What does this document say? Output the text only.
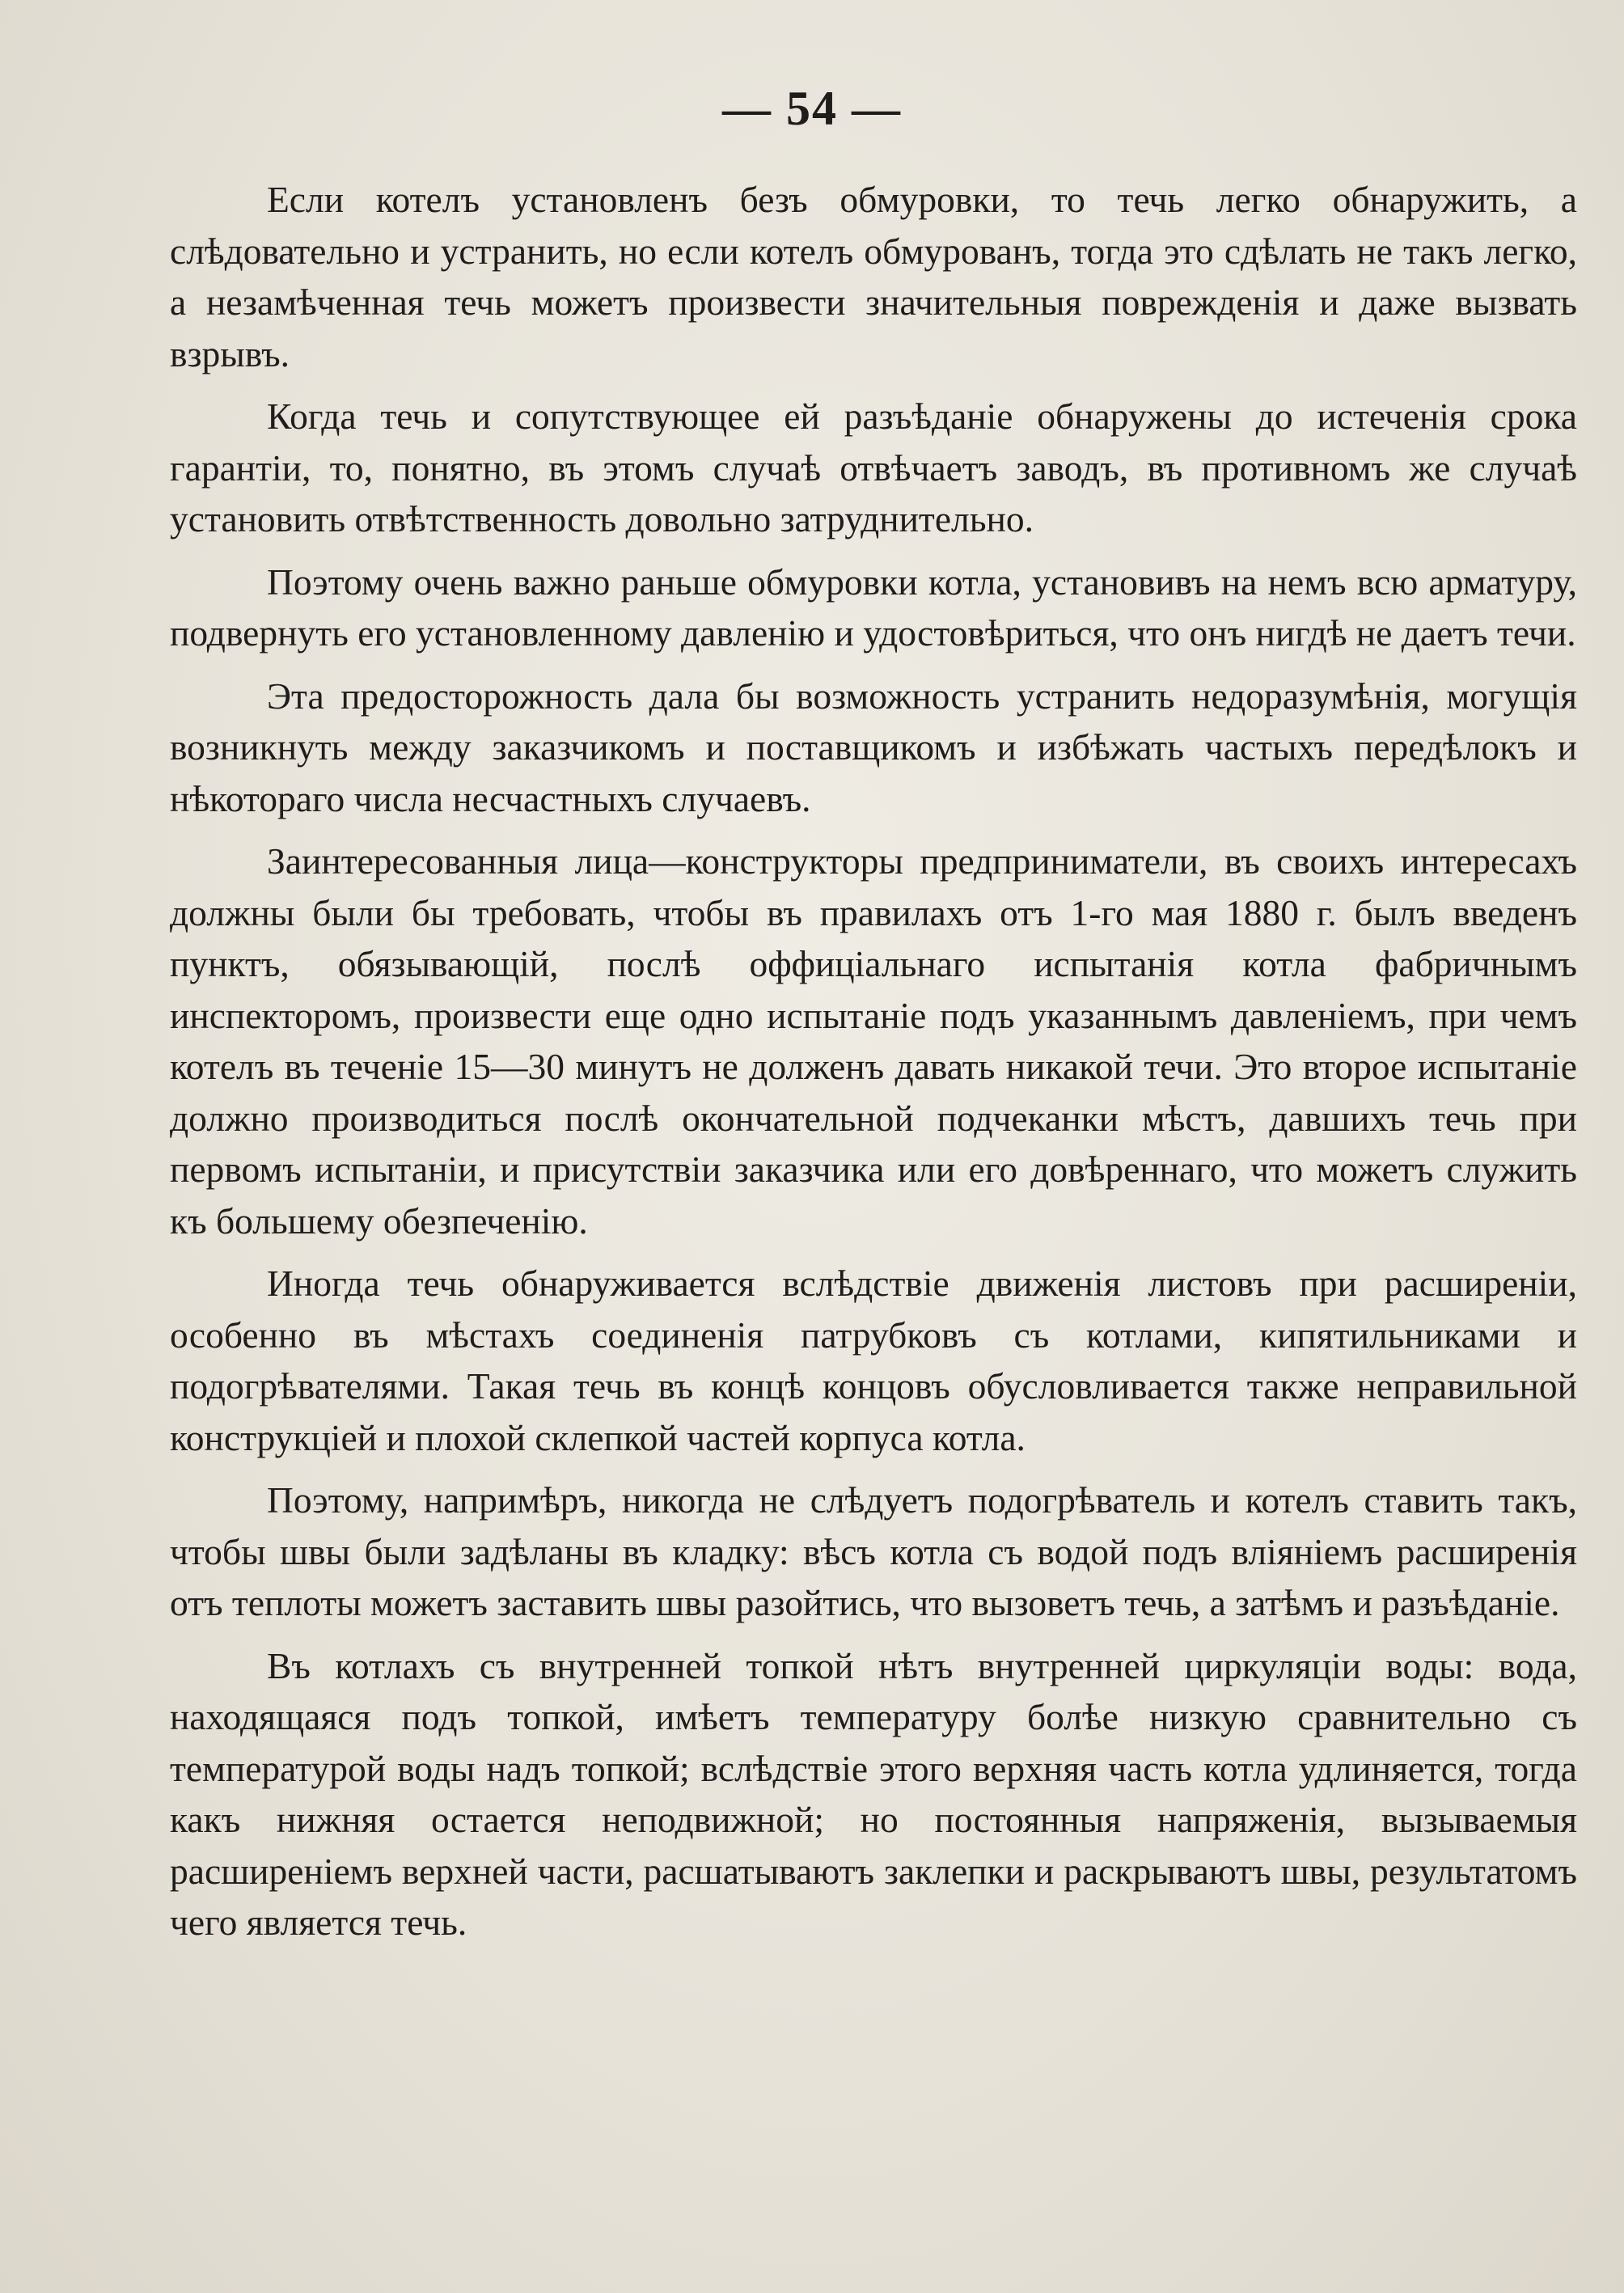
— 54 —

Если котелъ установленъ безъ обмуровки, то течь легко обнаружить, а слѣдовательно и устранить, но если котелъ обмурованъ, тогда это сдѣлать не такъ легко, а незамѣченная течь можетъ произвести значительныя поврежденія и даже вызвать взрывъ.

Когда течь и сопутствующее ей разъѣданіе обнаружены до истеченія срока гарантіи, то, понятно, въ этомъ случаѣ отвѣчаетъ заводъ, въ противномъ же случаѣ установить отвѣтственность довольно затруднительно.

Поэтому очень важно раньше обмуровки котла, установивъ на немъ всю арматуру, подвернуть его установленному давленію и удостовѣриться, что онъ нигдѣ не даетъ течи.

Эта предосторожность дала бы возможность устранить недоразумѣнія, могущія возникнуть между заказчикомъ и поставщикомъ и избѣжать частыхъ передѣлокъ и нѣкотораго числа несчастныхъ случаевъ.

Заинтересованныя лица—конструкторы предприниматели, въ своихъ интересахъ должны были бы требовать, чтобы въ правилахъ отъ 1-го мая 1880 г. былъ введенъ пунктъ, обязывающій, послѣ оффиціальнаго испытанія котла фабричнымъ инспекторомъ, произвести еще одно испытаніе подъ указаннымъ давленіемъ, при чемъ котелъ въ теченіе 15—30 минутъ не долженъ давать никакой течи. Это второе испытаніе должно производиться послѣ окончательной подчеканки мѣстъ, давшихъ течь при первомъ испытаніи, и присутствіи заказчика или его довѣреннаго, что можетъ служить къ большему обезпеченію.

Иногда течь обнаруживается вслѣдствіе движенія листовъ при расширеніи, особенно въ мѣстахъ соединенія патрубковъ съ котлами, кипятильниками и подогрѣвателями. Такая течь въ концѣ концовъ обусловливается также неправильной конструкціей и плохой склепкой частей корпуса котла.

Поэтому, напримѣръ, никогда не слѣдуетъ подогрѣватель и котелъ ставить такъ, чтобы швы были задѣланы въ кладку: вѣсъ котла съ водой подъ вліяніемъ расширенія отъ теплоты можетъ заставить швы разойтись, что вызоветъ течь, а затѣмъ и разъѣданіе.

Въ котлахъ съ внутренней топкой нѣтъ внутренней циркуляціи воды: вода, находящаяся подъ топкой, имѣетъ температуру болѣе низкую сравнительно съ температурой воды надъ топкой; вслѣдствіе этого верхняя часть котла удлиняется, тогда какъ нижняя остается неподвижной; но постоянныя напряженія, вызываемыя расширеніемъ верхней части, расшатываютъ заклепки и раскрываютъ швы, результатомъ чего является течь.
